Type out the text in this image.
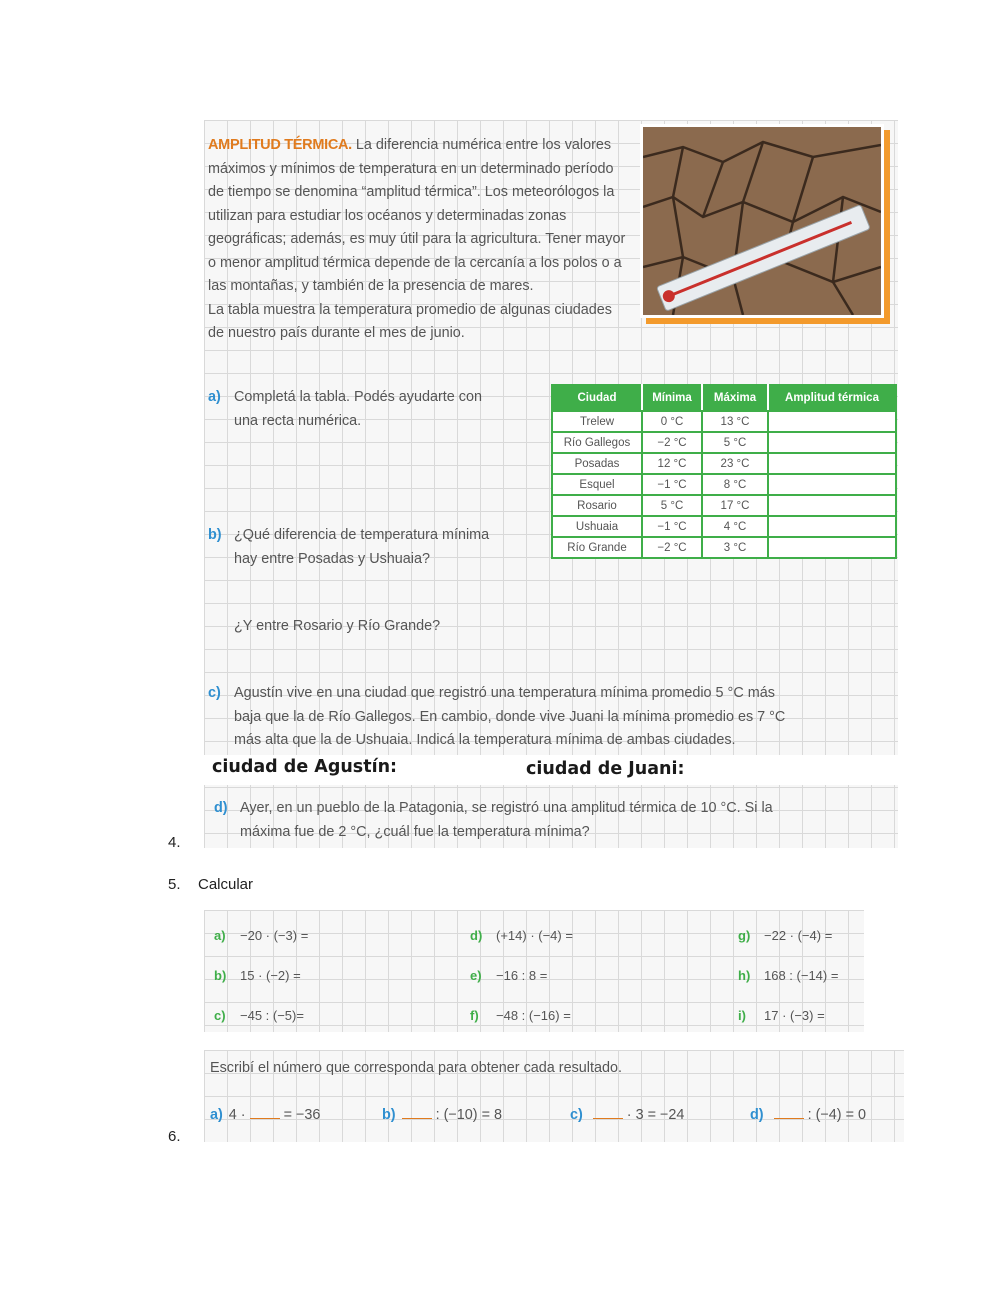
AMPLITUD TÉRMICA. La diferencia numérica entre los valores máximos y mínimos de temperatura en un determinado período de tiempo se denomina “amplitud térmica”. Los meteorólogos la utilizan para estudiar los océanos y determinadas zonas geográficas; además, es muy útil para la agricultura. Tener mayor o menor amplitud térmica depende de la cercanía a los polos o a las montañas, y también de la presencia de mares.

La tabla muestra la temperatura promedio de algunas ciudades de nuestro país durante el mes de junio.

a) Completá la tabla. Podés ayudarte con
una recta numérica.
Ciudad	Mínima	Máxima	Amplitud térmica
Trelew	0 °C	13 °C	
Río Gallegos	−2 °C	5 °C	
Posadas	12 °C	23 °C	
Esquel	−1 °C	8 °C	
Rosario	5 °C	17 °C	
Ushuaia	−1 °C	4 °C	
Río Grande	−2 °C	3 °C	
b) ¿Qué diferencia de temperatura mínima
hay entre Posadas y Ushuaia?
¿Y entre Rosario y Río Grande?
c) Agustín vive en una ciudad que registró una temperatura mínima promedio 5 °C más
baja que la de Río Gallegos. En cambio, donde vive Juani la mínima promedio es 7 °C
más alta que la de Ushuaia. Indicá la temperatura mínima de ambas ciudades.
d) Ayer, en un pueblo de la Patagonia, se registró una amplitud térmica de 10 °C. Si la
máxima fue de 2 °C, ¿cuál fue la temperatura mínima?
ciudad de Agustín:	ciudad de Juani:
4.
5. Calcular
a) −20 · (−3) =
b) 15 · (−2) =
c) −45 : (−5)=
d) (+14) · (−4) =
e) −16 : 8 =
f) −48 : (−16) =
g) −22 · (−4) =
h) 168 : (−14) =
i) 17 · (−3) =
Escribí el número que corresponda para obtener cada resultado.
a) 4 ·	= −36	b)	: (−10) = 8	c)	· 3 = −24	d)	: (−4) = 0
6.
